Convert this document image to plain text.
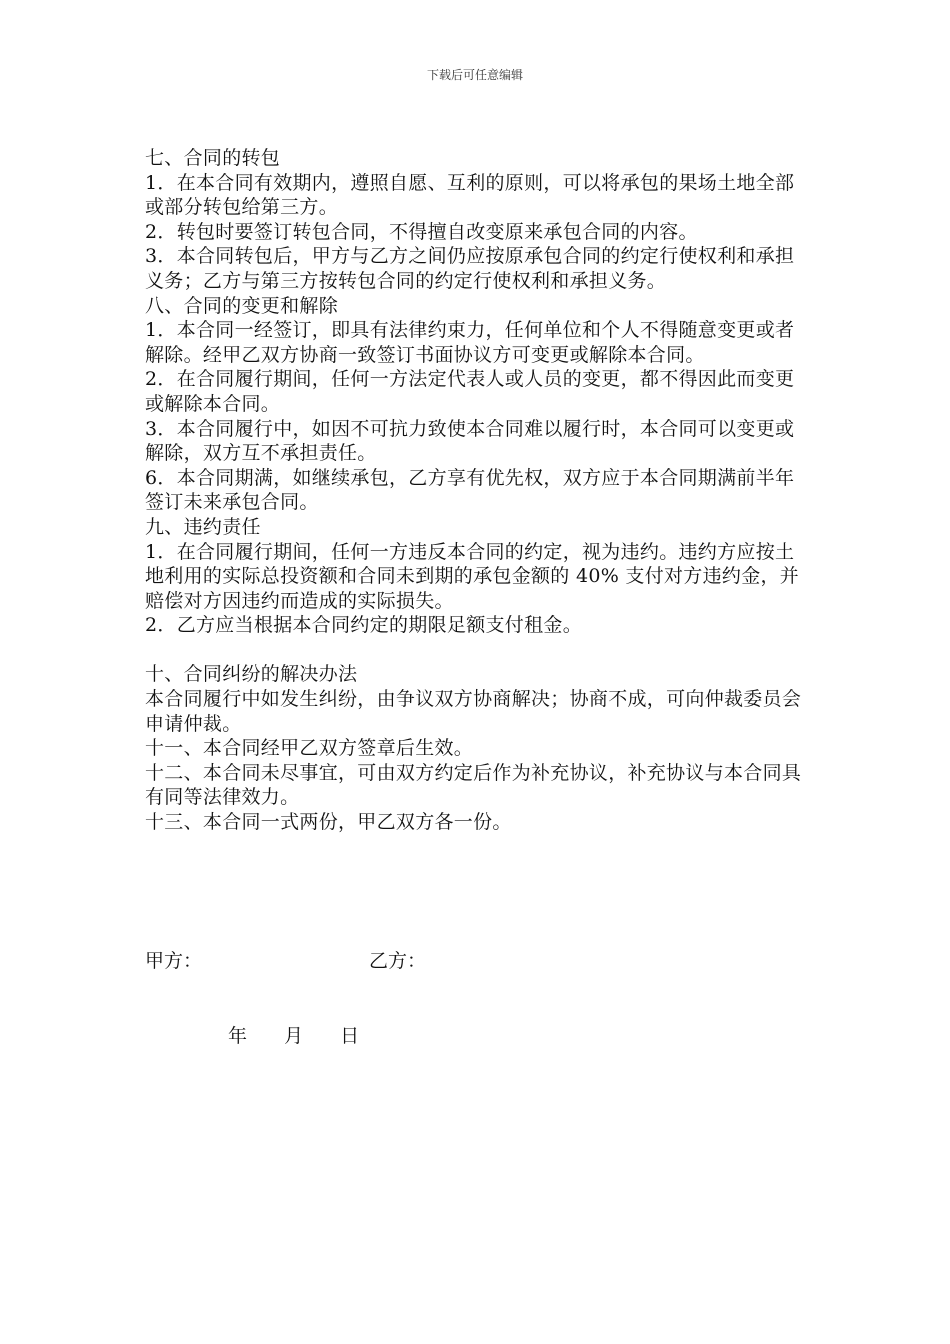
下载后可任意编辑

七、合同的转包

1．在本合同有效期内，遵照自愿、互利的原则，可以将承包的果场土地全部或部分转包给第三方。

2．转包时要签订转包合同，不得擅自改变原来承包合同的内容。

3．本合同转包后，甲方与乙方之间仍应按原承包合同的约定行使权利和承担义务；乙方与第三方按转包合同的约定行使权利和承担义务。

八、合同的变更和解除

1．本合同一经签订，即具有法律约束力，任何单位和个人不得随意变更或者解除。经甲乙双方协商一致签订书面协议方可变更或解除本合同。

2．在合同履行期间，任何一方法定代表人或人员的变更，都不得因此而变更或解除本合同。

3．本合同履行中，如因不可抗力致使本合同难以履行时，本合同可以变更或解除，双方互不承担责任。

6．本合同期满，如继续承包，乙方享有优先权，双方应于本合同期满前半年签订未来承包合同。

九、违约责任

1．在合同履行期间，任何一方违反本合同的约定，视为违约。违约方应按土地利用的实际总投资额和合同未到期的承包金额的 40% 支付对方违约金，并赔偿对方因违约而造成的实际损失。

2．乙方应当根据本合同约定的期限足额支付租金。

十、合同纠纷的解决办法

本合同履行中如发生纠纷，由争议双方协商解决；协商不成，可向仲裁委员会申请仲裁。

十一、本合同经甲乙双方签章后生效。

十二、本合同未尽事宜，可由双方约定后作为补充协议，补充协议与本合同具有同等法律效力。

十三、本合同一式两份，甲乙双方各一份。

甲方：	乙方：
年 月 日
